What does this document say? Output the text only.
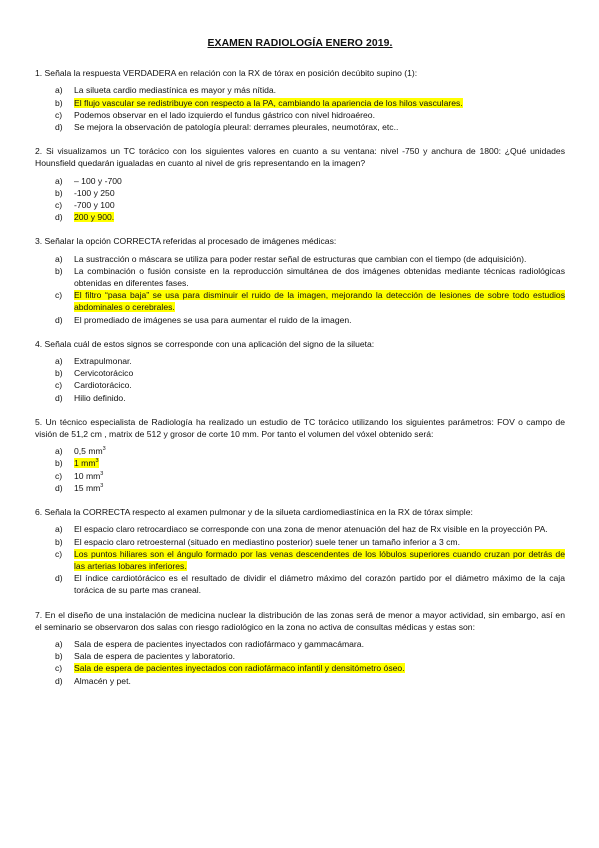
EXAMEN RADIOLOGÍA ENERO 2019.
1. Señala la respuesta VERDADERA en relación con la RX de tórax en posición decúbito supino (1):
a)	La silueta cardio mediastínica es mayor y más nítida.
b)	El flujo vascular se redistribuye con respecto a la PA, cambiando la apariencia de los hilos vasculares.
c)	Podemos observar en el lado izquierdo el fundus gástrico con nivel hidroaéreo.
d)	Se mejora la observación de patología pleural: derrames pleurales, neumotórax, etc..
2. Si visualizamos un TC torácico con los siguientes valores en cuanto a su ventana: nivel -750 y anchura de 1800: ¿Qué unidades Hounsfield quedarán igualadas en cuanto al nivel de gris representando en la imagen?
a)	– 100 y -700
b)	-100 y 250
c)	-700 y 100
d)	200 y 900.
3. Señalar la opción CORRECTA referidas al procesado de imágenes médicas:
a)	La sustracción o máscara se utiliza para poder restar señal de estructuras que cambian con el tiempo (de adquisición).
b)	La combinación o fusión consiste en la reproducción simultánea de dos imágenes obtenidas mediante técnicas radiológicas obtenidas en diferentes fases.
c)	El filtro “pasa baja” se usa para disminuir el ruido de la imagen, mejorando la detección de lesiones de sobre todo estudios abdominales o cerebrales.
d)	El promediado de imágenes se usa para aumentar el ruido de la imagen.
4. Señala cuál de estos signos se corresponde con una aplicación del signo de la silueta:
a)	Extrapulmonar.
b)	Cervicotorácico
c)	Cardiotorácico.
d)	Hilio definido.
5. Un técnico especialista de Radiología ha realizado un estudio de TC torácico utilizando los siguientes parámetros: FOV o campo de visión de 51,2 cm , matrix de 512 y grosor de corte 10 mm. Por tanto el volumen del vóxel obtenido será:
a)	0,5 $mm^3$
b)	1 $mm^3$
c)	10 $mm^3$
d)	15 $mm^3$
6. Señala la CORRECTA respecto al examen pulmonar y de la silueta cardiomediastínica en la RX de tórax simple:
a)	El espacio claro retrocardiaco se corresponde con una zona de menor atenuación del haz de Rx visible en la proyección PA.
b)	El espacio claro retroesternal (situado en mediastino posterior) suele tener un tamaño inferior a 3 cm.
c)	Los puntos hiliares son el ángulo formado por las venas descendentes de los lóbulos superiores cuando cruzan por detrás de las arterias lobares inferiores.
d)	El índice cardiotórácico es el resultado de dividir el diámetro máximo del corazón partido por el diámetro máximo de la caja torácica de su parte mas craneal.
7. En el diseño de una instalación de medicina nuclear la distribución de las zonas será de menor a mayor actividad, sin embargo, así en el seminario se observaron dos salas con riesgo radiológico en la zona no activa de consultas médicas y estas son:
a)	Sala de espera de pacientes inyectados con radiofármaco y gammacámara.
b)	Sala de espera de pacientes y laboratorio.
c)	Sala de espera de pacientes inyectados con radiofármaco infantil y densitómetro óseo.
d)	Almacén y pet.
